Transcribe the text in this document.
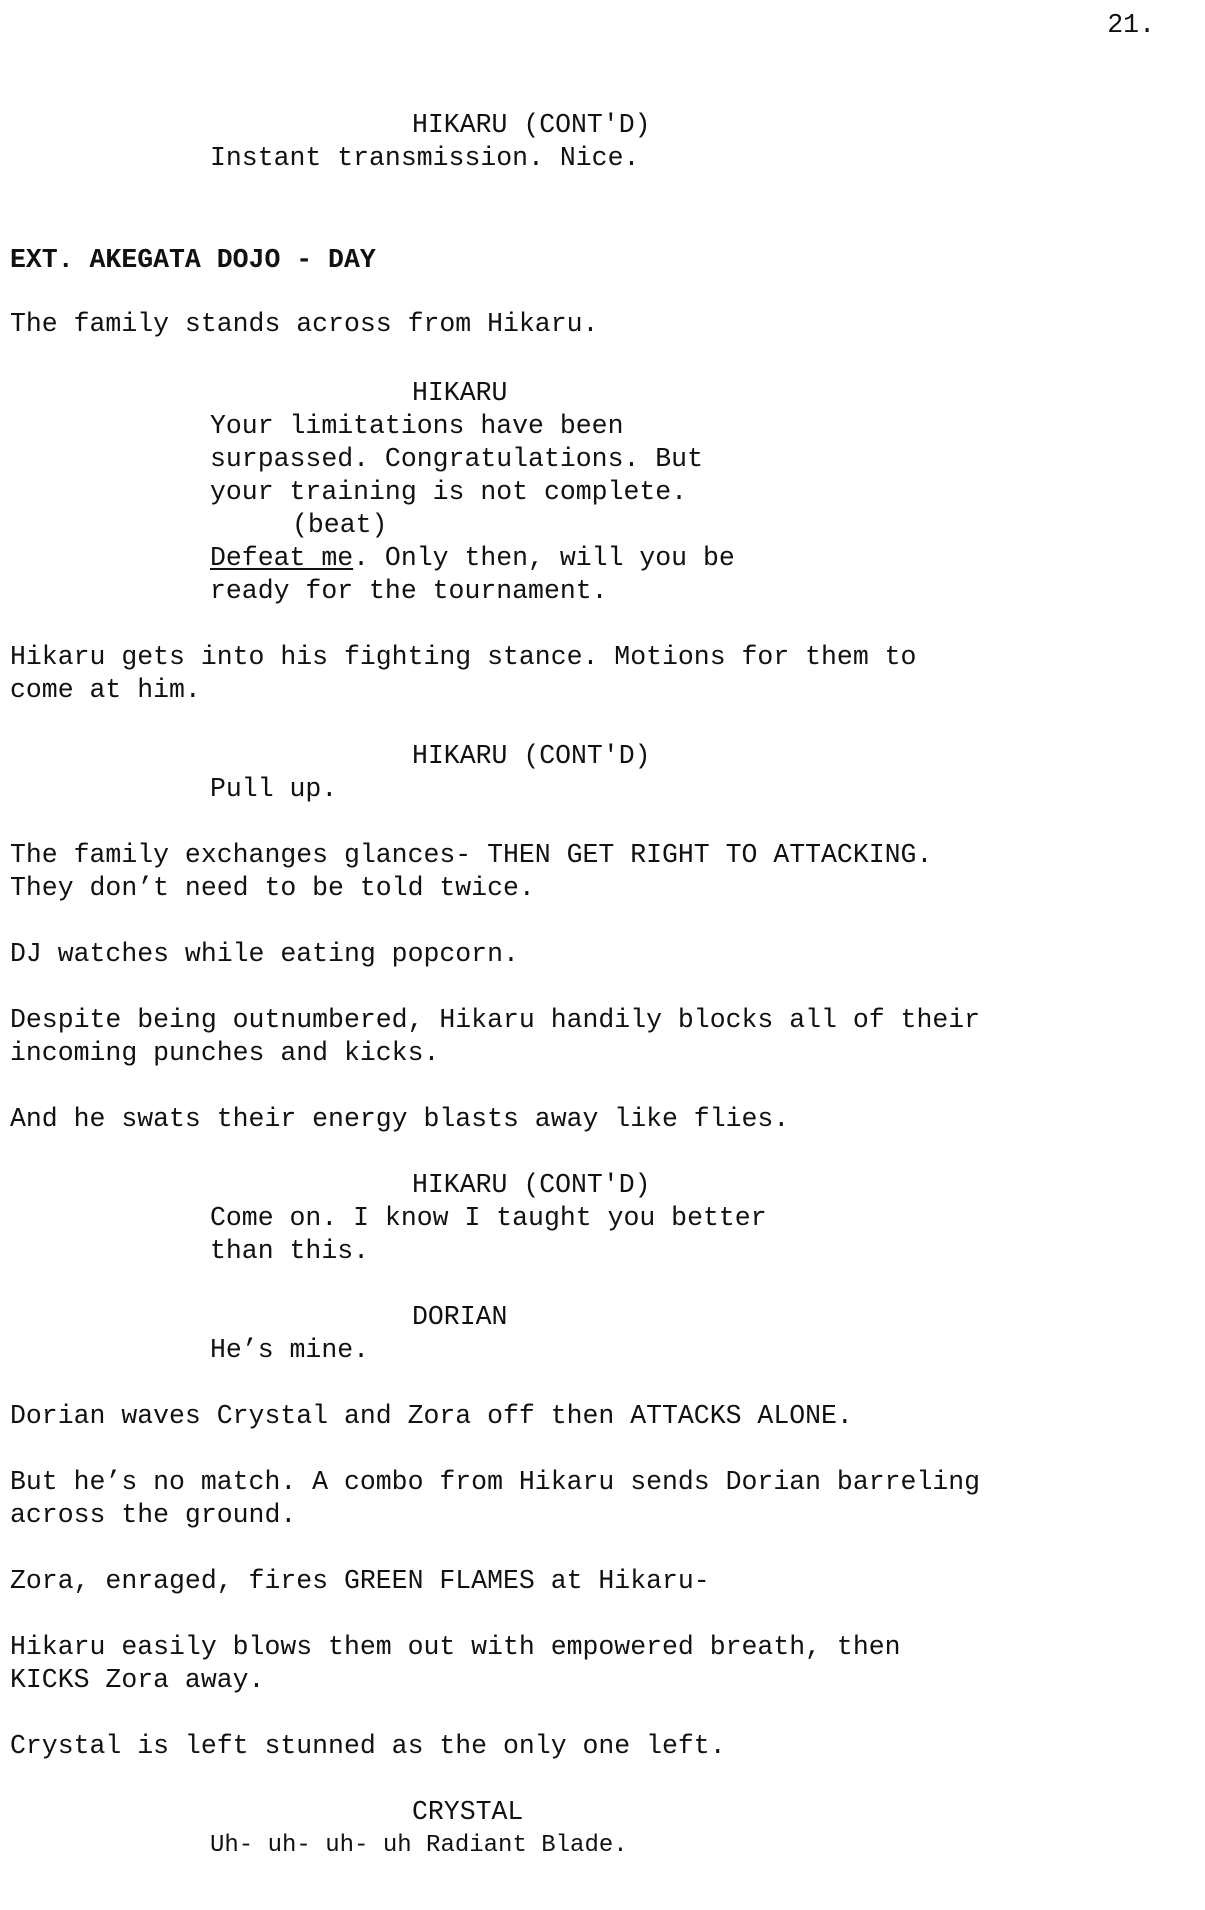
21.
HIKARU (CONT'D)
Instant transmission. Nice.
EXT. AKEGATA DOJO - DAY
The family stands across from Hikaru.
HIKARU
Your limitations have been
surpassed. Congratulations. But
your training is not complete.
(beat)
Defeat me. Only then, will you be
ready for the tournament.
Hikaru gets into his fighting stance. Motions for them to
come at him.
HIKARU (CONT'D)
Pull up.
The family exchanges glances- THEN GET RIGHT TO ATTACKING.
They don’t need to be told twice.
DJ watches while eating popcorn.
Despite being outnumbered, Hikaru handily blocks all of their
incoming punches and kicks.
And he swats their energy blasts away like flies.
HIKARU (CONT'D)
Come on. I know I taught you better
than this.
DORIAN
He’s mine.
Dorian waves Crystal and Zora off then ATTACKS ALONE.
But he’s no match. A combo from Hikaru sends Dorian barreling
across the ground.
Zora, enraged, fires GREEN FLAMES at Hikaru-
Hikaru easily blows them out with empowered breath, then
KICKS Zora away.
Crystal is left stunned as the only one left.
CRYSTAL
Uh- uh- uh- uh Radiant Blade.
